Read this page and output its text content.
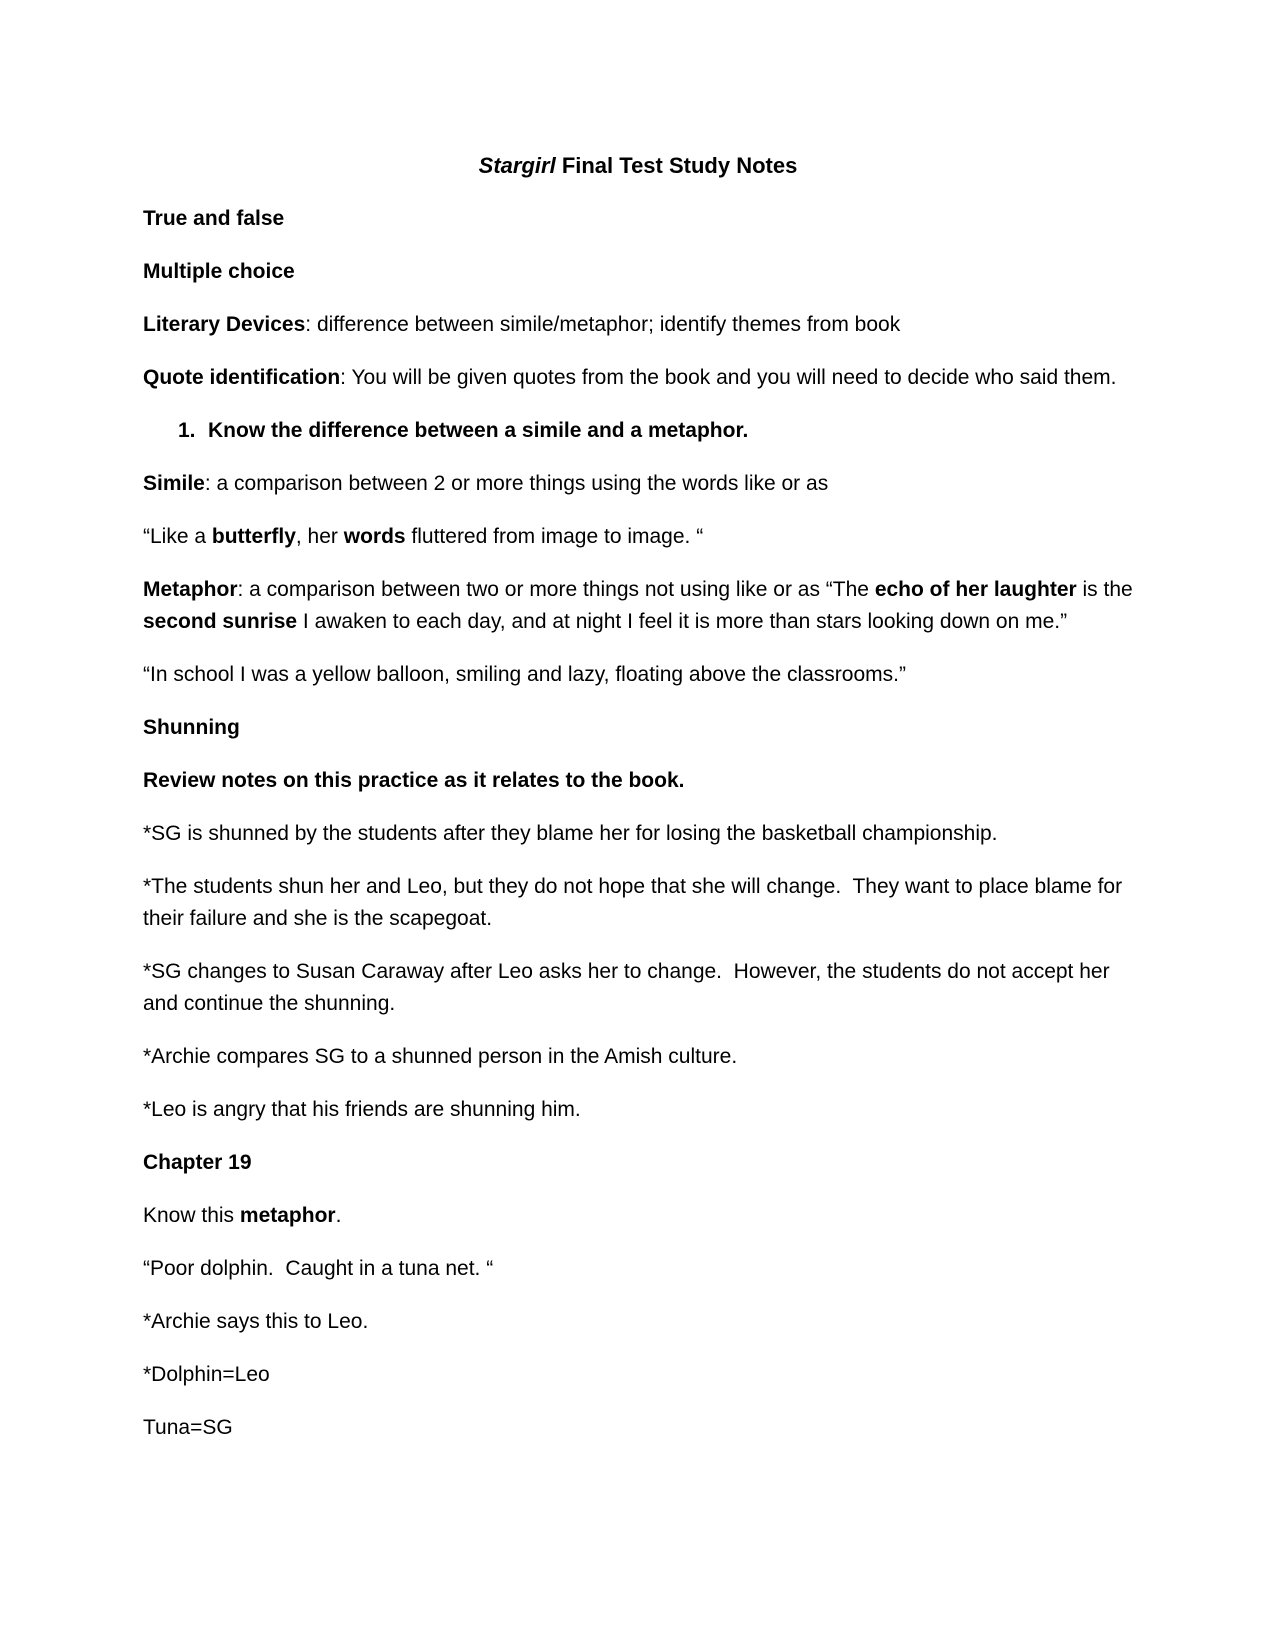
Stargirl Final Test Study Notes

True and false

Multiple choice

Literary Devices: difference between simile/metaphor; identify themes from book

Quote identification: You will be given quotes from the book and you will need to decide who said them.

1. Know the difference between a simile and a metaphor.

Simile: a comparison between 2 or more things using the words like or as

“Like a butterfly, her words fluttered from image to image. “

Metaphor: a comparison between two or more things not using like or as “The echo of her laughter is the second sunrise I awaken to each day, and at night I feel it is more than stars looking down on me.”

“In school I was a yellow balloon, smiling and lazy, floating above the classrooms.”

Shunning

Review notes on this practice as it relates to the book.

*SG is shunned by the students after they blame her for losing the basketball championship.

*The students shun her and Leo, but they do not hope that she will change.  They want to place blame for their failure and she is the scapegoat.

*SG changes to Susan Caraway after Leo asks her to change.  However, the students do not accept her and continue the shunning.

*Archie compares SG to a shunned person in the Amish culture.

*Leo is angry that his friends are shunning him.

Chapter 19

Know this metaphor.

“Poor dolphin.  Caught in a tuna net. “

*Archie says this to Leo.

*Dolphin=Leo

Tuna=SG
